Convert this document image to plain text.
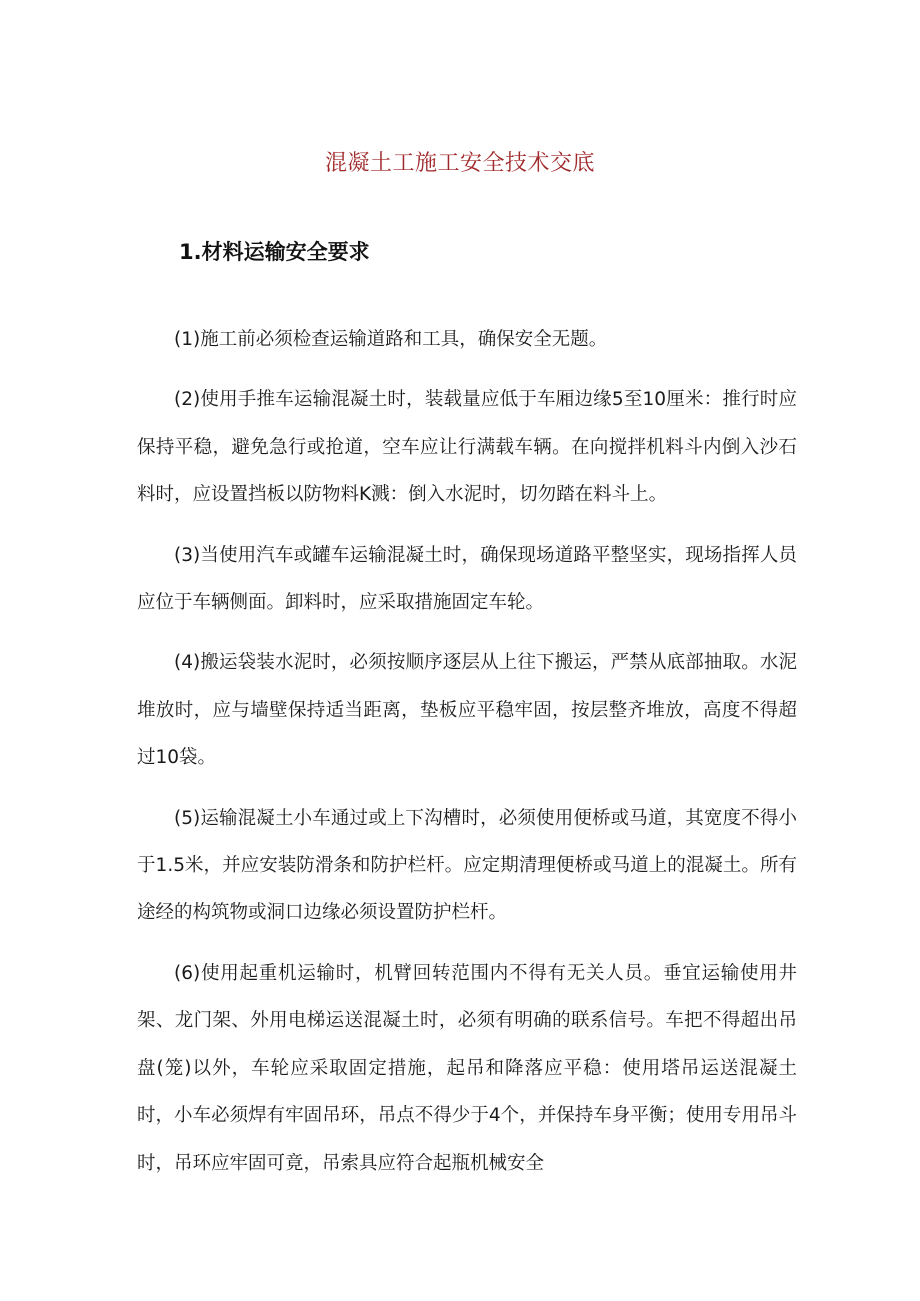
混凝土工施工安全技术交底
1.材料运输安全要求

(1)施工前必须检查运输道路和工具，确保安全无题。

(2)使用手推车运输混凝土时，装载量应低于车厢边缘5至10厘米：推行时应保持平稳，避免急行或抢道，空车应让行满载车辆。在向搅拌机料斗内倒入沙石料时，应设置挡板以防物料K溅：倒入水泥时，切勿踏在料斗上。

(3)当使用汽车或罐车运输混凝土时，确保现场道路平整坚实，现场指挥人员应位于车辆侧面。卸料时，应采取措施固定车轮。

(4)搬运袋装水泥时，必须按顺序逐层从上往下搬运，严禁从底部抽取。水泥堆放时，应与墙壁保持适当距离，垫板应平稳牢固，按层整齐堆放，高度不得超过10袋。

(5)运输混凝土小车通过或上下沟槽时，必须使用便桥或马道，其宽度不得小于1.5米，并应安装防滑条和防护栏杆。应定期清理便桥或马道上的混凝土。所有途经的构筑物或洞口边缘必须设置防护栏杆。

(6)使用起重机运输时，机臂回转范围内不得有无关人员。垂宜运输使用井架、龙门架、外用电梯运送混凝土时，必须有明确的联系信号。车把不得超出吊盘(笼)以外，车轮应采取固定措施，起吊和降落应平稳：使用塔吊运送混凝土时，小车必须焊有牢固吊环，吊点不得少于4个，并保持车身平衡；使用专用吊斗时，吊环应牢固可竟，吊索具应符合起瓶机械安全
